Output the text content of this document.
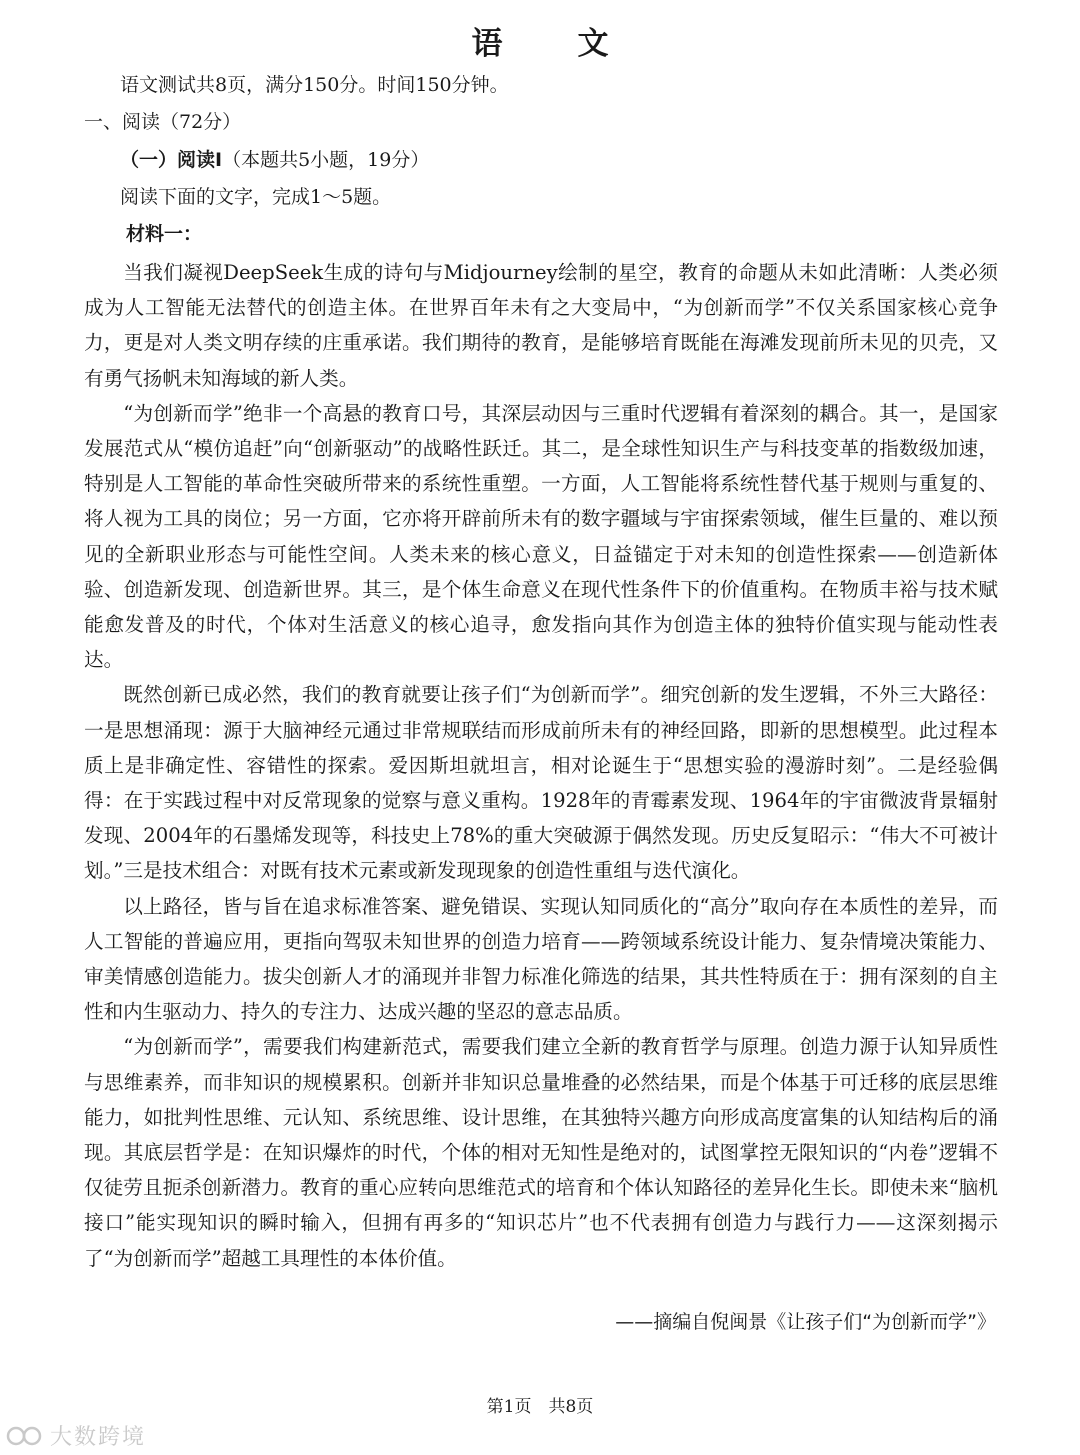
语　文
语文测试共8页，满分150分。时间150分钟。
一、阅读（72分）
（一）阅读Ⅰ（本题共5小题，19分）
阅读下面的文字，完成1～5题。
材料一：

当我们凝视DeepSeek生成的诗句与Midjourney绘制的星空，教育的命题从未如此清晰：人类必须成为人工智能无法替代的创造主体。在世界百年未有之大变局中，“为创新而学”不仅关系国家核心竞争力，更是对人类文明存续的庄重承诺。我们期待的教育，是能够培育既能在海滩发现前所未见的贝壳，又有勇气扬帆未知海域的新人类。

“为创新而学”绝非一个高悬的教育口号，其深层动因与三重时代逻辑有着深刻的耦合。其一，是国家发展范式从“模仿追赶”向“创新驱动”的战略性跃迁。其二，是全球性知识生产与科技变革的指数级加速，特别是人工智能的革命性突破所带来的系统性重塑。一方面，人工智能将系统性替代基于规则与重复的、将人视为工具的岗位；另一方面，它亦将开辟前所未有的数字疆域与宇宙探索领域，催生巨量的、难以预见的全新职业形态与可能性空间。人类未来的核心意义，日益锚定于对未知的创造性探索——创造新体验、创造新发现、创造新世界。其三，是个体生命意义在现代性条件下的价值重构。在物质丰裕与技术赋能愈发普及的时代，个体对生活意义的核心追寻，愈发指向其作为创造主体的独特价值实现与能动性表达。

既然创新已成必然，我们的教育就要让孩子们“为创新而学”。细究创新的发生逻辑，不外三大路径：一是思想涌现：源于大脑神经元通过非常规联结而形成前所未有的神经回路，即新的思想模型。此过程本质上是非确定性、容错性的探索。爱因斯坦就坦言，相对论诞生于“思想实验的漫游时刻”。二是经验偶得：在于实践过程中对反常现象的觉察与意义重构。1928年的青霉素发现、1964年的宇宙微波背景辐射发现、2004年的石墨烯发现等，科技史上78%的重大突破源于偶然发现。历史反复昭示：“伟大不可被计划。”三是技术组合：对既有技术元素或新发现现象的创造性重组与迭代演化。

以上路径，皆与旨在追求标准答案、避免错误、实现认知同质化的“高分”取向存在本质性的差异，而人工智能的普遍应用，更指向驾驭未知世界的创造力培育——跨领域系统设计能力、复杂情境决策能力、审美情感创造能力。拔尖创新人才的涌现并非智力标准化筛选的结果，其共性特质在于：拥有深刻的自主性和内生驱动力、持久的专注力、达成兴趣的坚忍的意志品质。

“为创新而学”，需要我们构建新范式，需要我们建立全新的教育哲学与原理。创造力源于认知异质性与思维素养，而非知识的规模累积。创新并非知识总量堆叠的必然结果，而是个体基于可迁移的底层思维能力，如批判性思维、元认知、系统思维、设计思维，在其独特兴趣方向形成高度富集的认知结构后的涌现。其底层哲学是：在知识爆炸的时代，个体的相对无知性是绝对的，试图掌控无限知识的“内卷”逻辑不仅徒劳且扼杀创新潜力。教育的重心应转向思维范式的培育和个体认知路径的差异化生长。即使未来“脑机接口”能实现知识的瞬时输入，但拥有再多的“知识芯片”也不代表拥有创造力与践行力——这深刻揭示了“为创新而学”超越工具理性的本体价值。

——摘编自倪闽景《让孩子们“为创新而学”》
第1页　共8页
大数跨境
